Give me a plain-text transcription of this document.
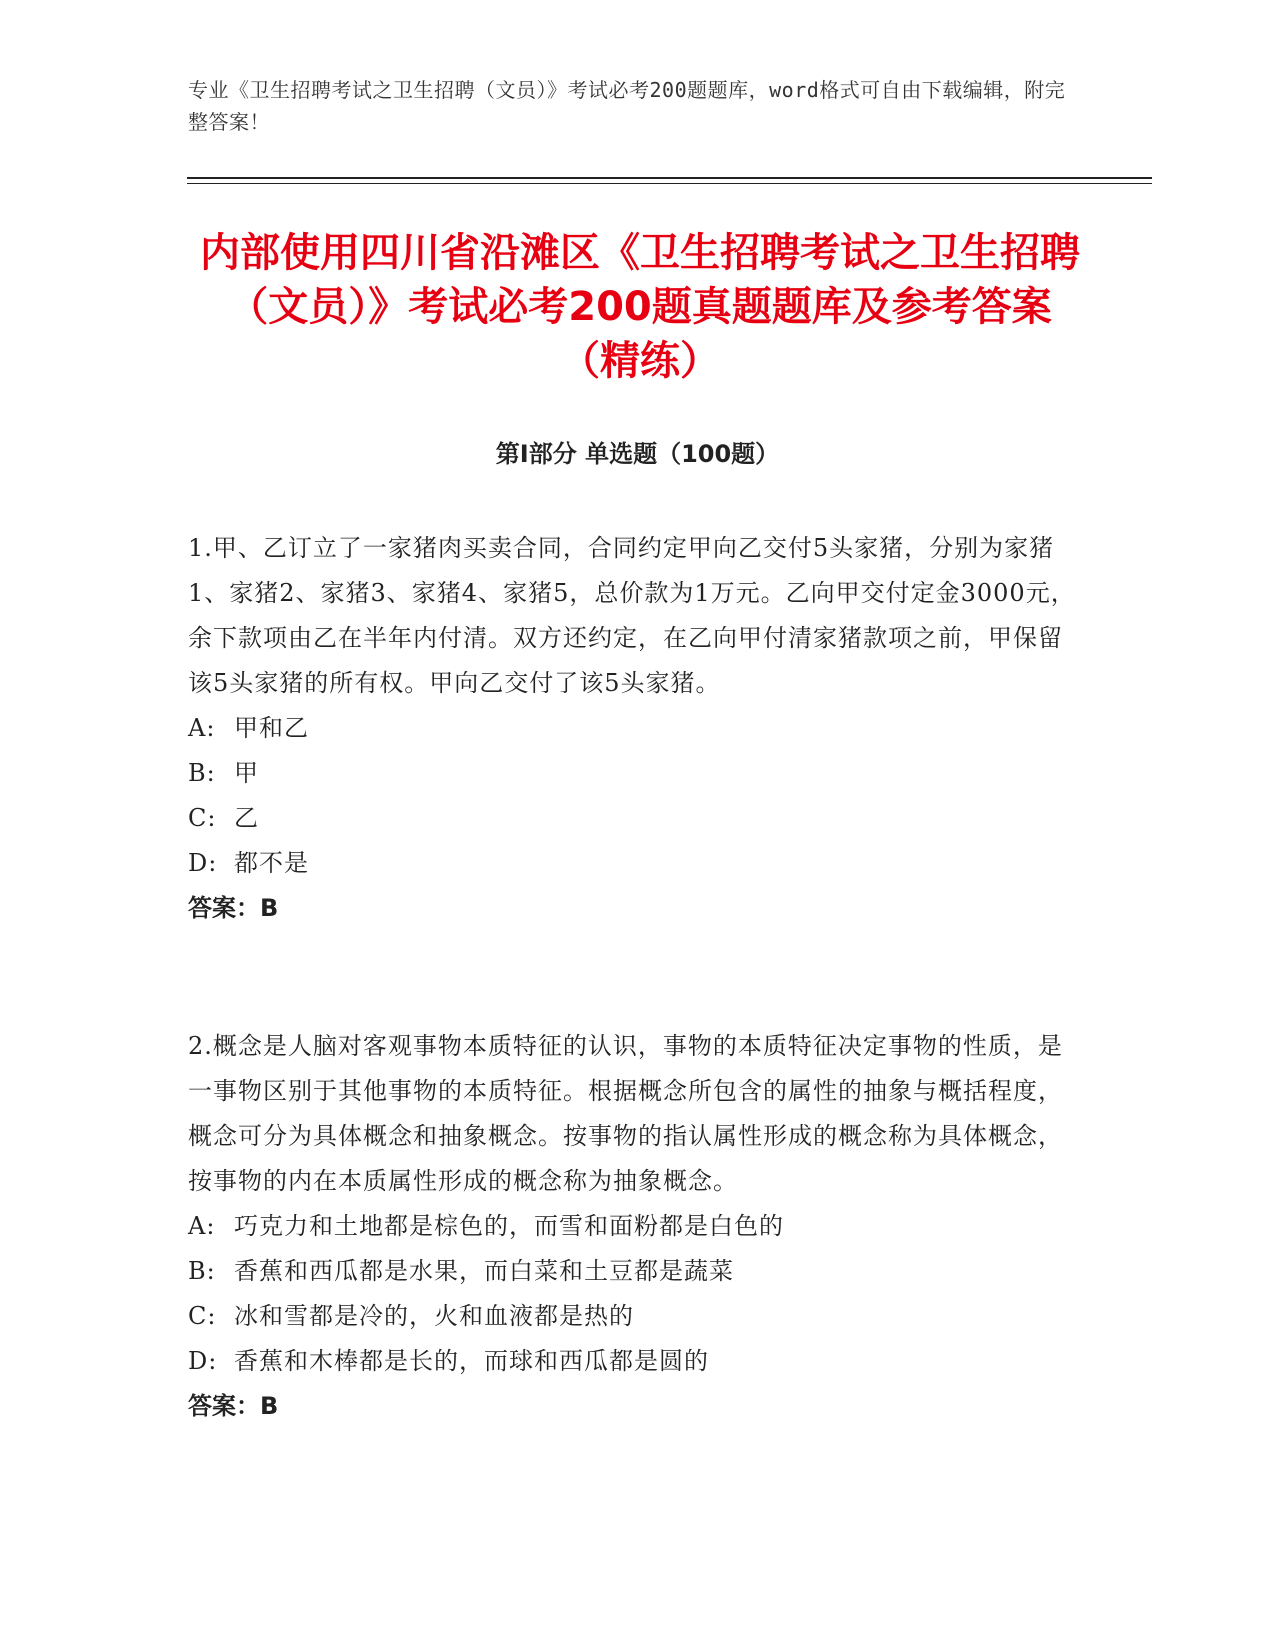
专业《卫生招聘考试之卫生招聘（文员）》考试必考200题题库，word格式可自由下载编辑，附完整答案！
内部使用四川省沿滩区《卫生招聘考试之卫生招聘（文员）》考试必考200题真题题库及参考答案（精练）
第Ⅰ部分 单选题（100题）

1.甲、乙订立了一家猪肉买卖合同，合同约定甲向乙交付5头家猪，分别为家猪1、家猪2、家猪3、家猪4、家猪5，总价款为1万元。乙向甲交付定金3000元，余下款项由乙在半年内付清。双方还约定，在乙向甲付清家猪款项之前，甲保留该5头家猪的所有权。甲向乙交付了该5头家猪。

A: 甲和乙
B: 甲
C: 乙
D: 都不是
答案：B

2.概念是人脑对客观事物本质特征的认识，事物的本质特征决定事物的性质，是一事物区别于其他事物的本质特征。根据概念所包含的属性的抽象与概括程度，概念可分为具体概念和抽象概念。按事物的指认属性形成的概念称为具体概念，按事物的内在本质属性形成的概念称为抽象概念。

A: 巧克力和土地都是棕色的，而雪和面粉都是白色的
B: 香蕉和西瓜都是水果，而白菜和土豆都是蔬菜
C: 冰和雪都是冷的，火和血液都是热的
D: 香蕉和木棒都是长的，而球和西瓜都是圆的
答案：B
